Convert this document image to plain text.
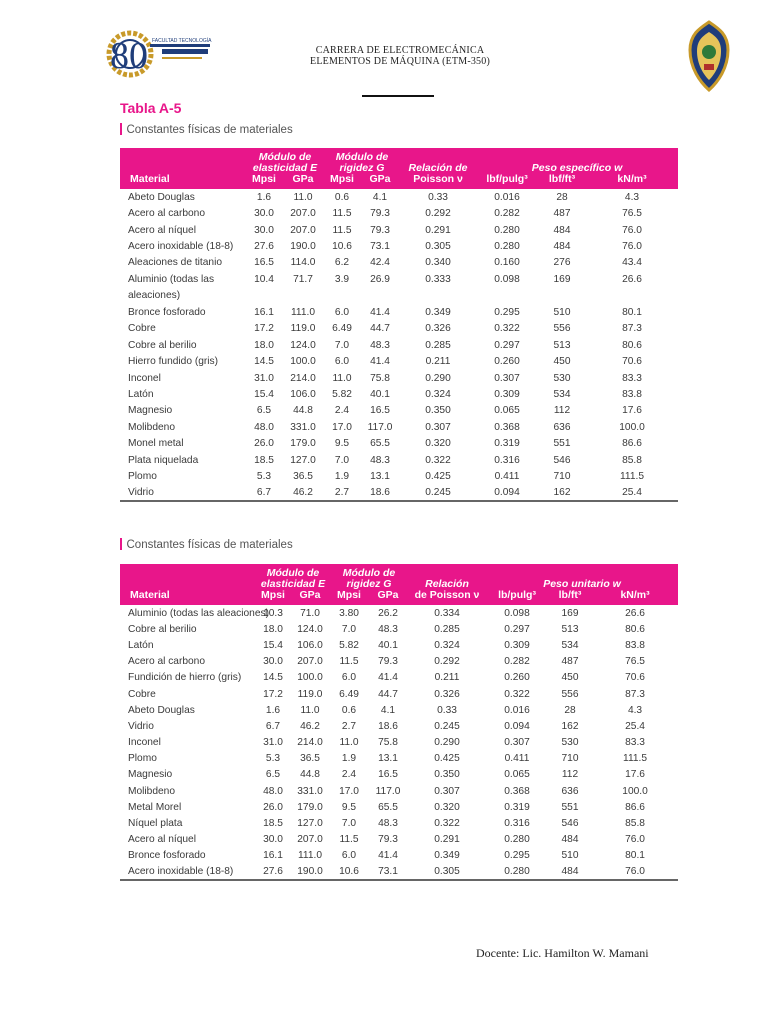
80 FACULTAD TECNOLOGÍA
CARRERA DE ELECTROMECÁNICA
ELEMENTOS DE MÁQUINA (ETM-350)
Tabla A-5
Constantes físicas de materiales
	Módulo de
elasticidad E		Módulo de
rigidez G		Relación de	Peso específico w		
Material	Mpsi	GPa	Mpsi	GPa	Poisson ν	lbf/pulg³	lbf/ft³	kN/m³
Abeto Douglas	1.6	11.0	0.6	4.1	0.33	0.016	28	4.3
Acero al carbono	30.0	207.0	11.5	79.3	0.292	0.282	487	76.5
Acero al níquel	30.0	207.0	11.5	79.3	0.291	0.280	484	76.0
Acero inoxidable (18-8)	27.6	190.0	10.6	73.1	0.305	0.280	484	76.0
Aleaciones de titanio	16.5	114.0	6.2	42.4	0.340	0.160	276	43.4
Aluminio (todas las	10.4	71.7	3.9	26.9	0.333	0.098	169	26.6
aleaciones)								
Bronce fosforado	16.1	111.0	6.0	41.4	0.349	0.295	510	80.1
Cobre	17.2	119.0	6.49	44.7	0.326	0.322	556	87.3
Cobre al berilio	18.0	124.0	7.0	48.3	0.285	0.297	513	80.6
Hierro fundido (gris)	14.5	100.0	6.0	41.4	0.211	0.260	450	70.6
Inconel	31.0	214.0	11.0	75.8	0.290	0.307	530	83.3
Latón	15.4	106.0	5.82	40.1	0.324	0.309	534	83.8
Magnesio	6.5	44.8	2.4	16.5	0.350	0.065	112	17.6
Molibdeno	48.0	331.0	17.0	117.0	0.307	0.368	636	100.0
Monel metal	26.0	179.0	9.5	65.5	0.320	0.319	551	86.6
Plata niquelada	18.5	127.0	7.0	48.3	0.322	0.316	546	85.8
Plomo	5.3	36.5	1.9	13.1	0.425	0.411	710	111.5
Vidrio	6.7	46.2	2.7	18.6	0.245	0.094	162	25.4
Constantes físicas de materiales
	Módulo de
elasticidad E		Módulo de
rigidez G		Relación	Peso unitario w		
Material	Mpsi	GPa	Mpsi	GPa	de Poisson ν	lb/pulg³	lb/ft³	kN/m³
Aluminio (todas las aleaciones)	10.3	71.0	3.80	26.2	0.334	0.098	169	26.6
Cobre al berilio	18.0	124.0	7.0	48.3	0.285	0.297	513	80.6
Latón	15.4	106.0	5.82	40.1	0.324	0.309	534	83.8
Acero al carbono	30.0	207.0	11.5	79.3	0.292	0.282	487	76.5
Fundición de hierro (gris)	14.5	100.0	6.0	41.4	0.211	0.260	450	70.6
Cobre	17.2	119.0	6.49	44.7	0.326	0.322	556	87.3
Abeto Douglas	1.6	11.0	0.6	4.1	0.33	0.016	28	4.3
Vidrio	6.7	46.2	2.7	18.6	0.245	0.094	162	25.4
Inconel	31.0	214.0	11.0	75.8	0.290	0.307	530	83.3
Plomo	5.3	36.5	1.9	13.1	0.425	0.411	710	111.5
Magnesio	6.5	44.8	2.4	16.5	0.350	0.065	112	17.6
Molibdeno	48.0	331.0	17.0	117.0	0.307	0.368	636	100.0
Metal Morel	26.0	179.0	9.5	65.5	0.320	0.319	551	86.6
Níquel plata	18.5	127.0	7.0	48.3	0.322	0.316	546	85.8
Acero al níquel	30.0	207.0	11.5	79.3	0.291	0.280	484	76.0
Bronce fosforado	16.1	111.0	6.0	41.4	0.349	0.295	510	80.1
Acero inoxidable (18-8)	27.6	190.0	10.6	73.1	0.305	0.280	484	76.0
Docente: Lic. Hamilton W. Mamani
